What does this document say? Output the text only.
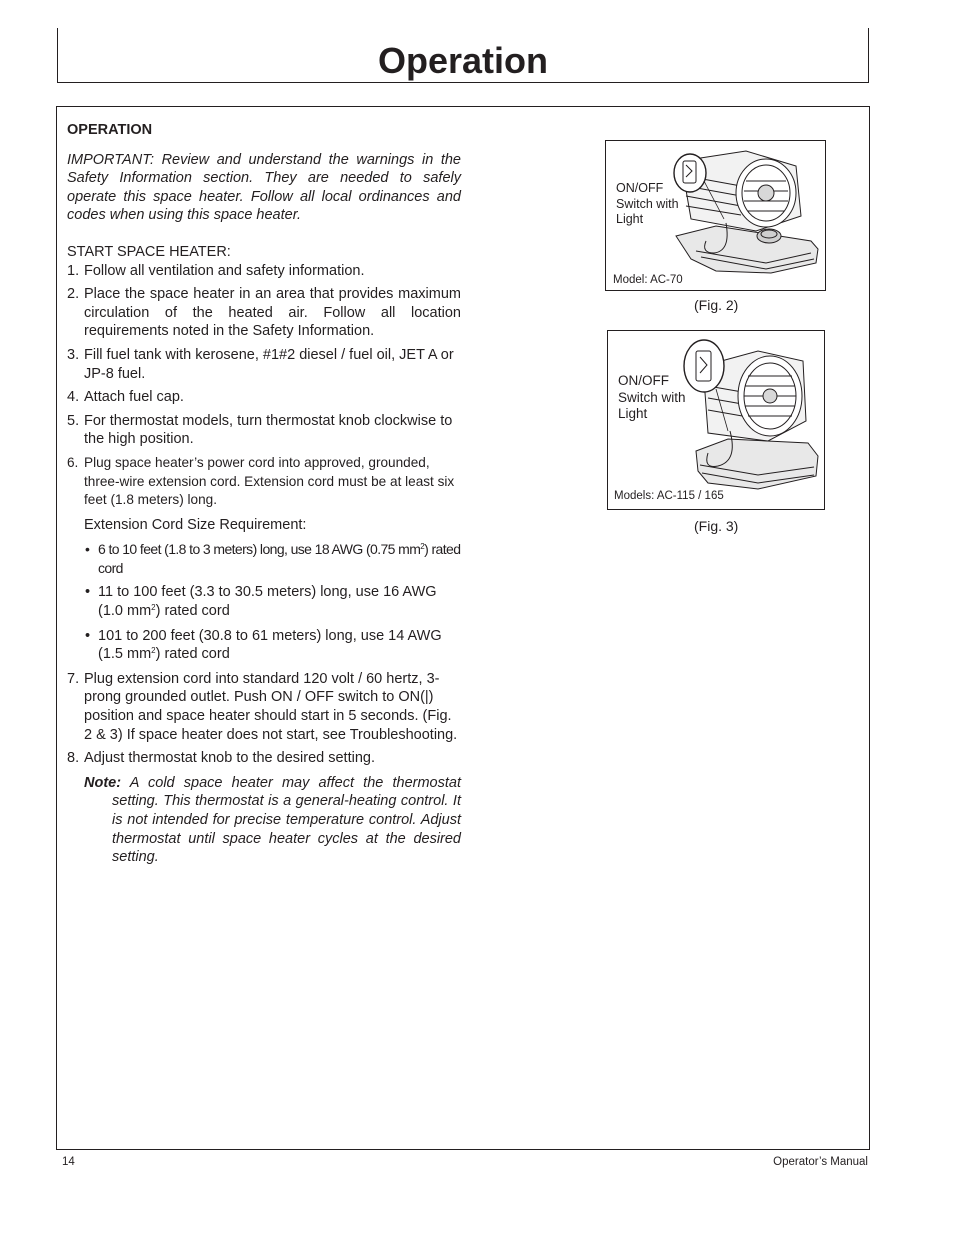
Operation
OPERATION

IMPORTANT: Review and understand the warnings in the Safety Information section. They are needed to safely operate this space heater. Follow all local ordinances and codes when using this space heater.

START SPACE HEATER:

1. Follow all ventilation and safety information.
2. Place the space heater in an area that provides maximum circulation of the heated air. Follow all location requirements noted in the Safety Information.
3. Fill fuel tank with kerosene, #1#2 diesel / fuel oil, JET A or JP-8 fuel.
4. Attach fuel cap.
5. For thermostat models, turn thermostat knob clockwise to the high position.
6. Plug space heater’s power cord into approved, grounded, three-wire extension cord. Extension cord must be at least six feet (1.8 meters) long.
Extension Cord Size Requirement:
• 6 to 10 feet (1.8 to 3 meters) long, use 18 AWG (0.75 $mm^2$) rated cord
• 11 to 100 feet (3.3 to 30.5 meters) long, use 16 AWG (1.0 $mm^2$) rated cord
• 101 to 200 feet (30.8 to 61 meters) long, use 14 AWG (1.5 $mm^2$) rated cord
7. Plug extension cord into standard 120 volt / 60 hertz, 3-prong grounded outlet. Push ON / OFF switch to ON(|) position and space heater should start in 5 seconds. (Fig. 2 & 3) If space heater does not start, see Troubleshooting.
8. Adjust thermostat knob to the desired setting.
Note: A cold space heater may affect the thermostat setting. This thermostat is a general-heating control. It is not intended for precise temperature control. Adjust thermostat until space heater cycles at the desired setting.
ON/OFF
Switch with
Light
Model: AC-70
(Fig. 2)
ON/OFF
Switch with
Light
Models: AC-115 / 165
(Fig. 3)
14	Operator’s Manual
